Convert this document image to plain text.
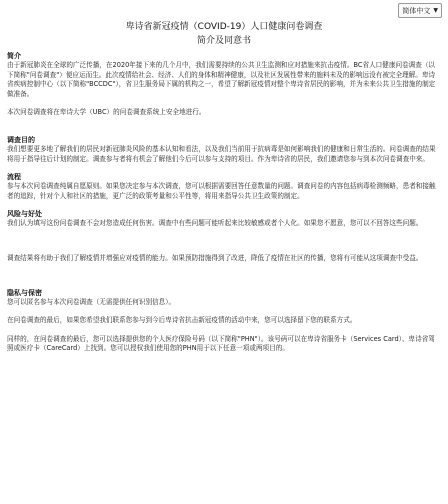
简体中文 ▼
卑诗省新冠疫情（COVID-19）人口健康问卷调查
简介及同意书
简介

由于新冠肺炎在全球的广泛传播，在2020年接下来的几个月中，我们需要持续的公共卫生监测和应对措施来抗击疫情。BC省人口健康问卷调查（以下简称"问卷调查"）便应运而生。此次疫情给社会、经济、人们的身体和精神健康，以及社区发展性带来的施料未及的影响远没有被完全理解。卑诗省疾病控制中心（以下简称"BCCDC"），省卫生服务局下属的机构之一，希望了解新冠疫情对整个卑诗省居民的影响，并为未来公共卫生措施的制定做准备。

本次问卷调查将在卑诗大学（UBC）的问卷调查系统上安全地进行。

调查目的

我们想要更多地了解我们的居民对新冠肺炎风险的基本认知和看法，以及我们当前用于抗病毒是如何影响我们的健康和日常生活的。问卷调查的结果将用于指导往后计划的制定。调查参与者将有机会了解他们今后可以参与支持的项目。作为卑诗省的居民，我们邀请您参与到本次问卷调查中来。

流程

参与本次问卷调查纯属自愿原则。如果您决定参与本次调查，您可以根据需要回答任意数量的问题。调查问卷的内容包括病毒检测频略，患者和接触者的追踪，针对个人和社区的措施，更广泛的政策考量和公平性等，将用来指导公共卫生政策的制定。

风险与好处

我们认为填写这份问卷调查不会对您造成任何伤害。调查中有些问题可能听起来比较敏感或者个人化。如果您不愿意，您可以不回答这些问题。

调查结果将有助于我们了解疫情并增强应对疫情的能力。如果预防措施得到了改进，降低了疫情在社区的传播，您将有可能从这项调查中受益。

隐私与保密

您可以匿名参与本次问卷调查（无需提供任何识别信息）。

在问卷调查的最后，如果您希望我们联系您参与到今后卑诗省抗击新冠疫情的活动中来，您可以选择留下您的联系方式。

同样的，在问卷调查的最后，您可以选择提供您的个人医疗保险号码（以下简称"PHN"）。该号码可以在卑诗省服务卡（Services Card）、卑诗省驾照或医疗卡（CareCard）上找到。您可以授权我们使用您的PHN用于以下任意一项或两项目的。
